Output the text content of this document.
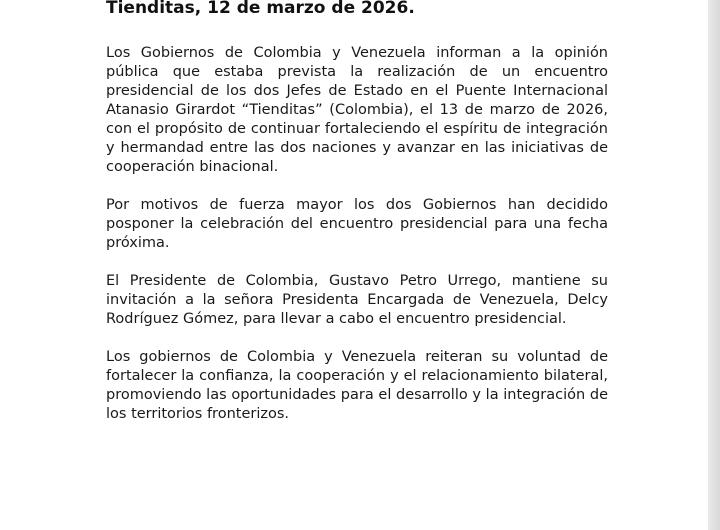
Tienditas, 12 de marzo de 2026.

Los Gobiernos de Colombia y Venezuela informan a la opinión pública que estaba prevista la realización de un encuentro presidencial de los dos Jefes de Estado en el Puente Internacional Atanasio Girardot “Tienditas” (Colombia), el 13 de marzo de 2026, con el propósito de continuar fortaleciendo el espíritu de integración y hermandad entre las dos naciones y avanzar en las iniciativas de cooperación binacional.

Por motivos de fuerza mayor los dos Gobiernos han decidido posponer la celebración del encuentro presidencial para una fecha próxima.

El Presidente de Colombia, Gustavo Petro Urrego, mantiene su invitación a la señora Presidenta Encargada de Venezuela, Delcy Rodríguez Gómez, para llevar a cabo el encuentro presidencial.

Los gobiernos de Colombia y Venezuela reiteran su voluntad de fortalecer la confianza, la cooperación y el relacionamiento bilateral, promoviendo las oportunidades para el desarrollo y la integración de los territorios fronterizos.
